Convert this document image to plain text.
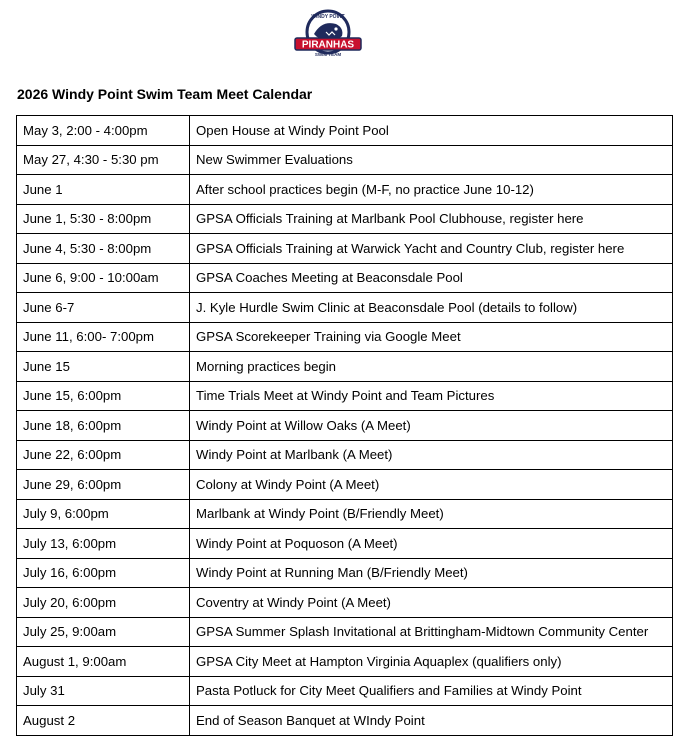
WINDY POINT
PIRANHAS
SWIM TEAM
2026 Windy Point Swim Team Meet Calendar
May 3, 2:00 - 4:00pm	Open House at Windy Point Pool
May 27, 4:30 - 5:30 pm	New Swimmer Evaluations
June 1	After school practices begin (M-F, no practice June 10-12)
June 1, 5:30 - 8:00pm	GPSA Officials Training at Marlbank Pool Clubhouse, register here
June 4, 5:30 - 8:00pm	GPSA Officials Training at Warwick Yacht and Country Club, register here
June 6, 9:00 - 10:00am	GPSA Coaches Meeting at Beaconsdale Pool
June 6-7	J. Kyle Hurdle Swim Clinic at Beaconsdale Pool (details to follow)
June 11, 6:00- 7:00pm	GPSA Scorekeeper Training via Google Meet
June 15	Morning practices begin
June 15, 6:00pm	Time Trials Meet at Windy Point and Team Pictures
June 18, 6:00pm	Windy Point at Willow Oaks (A Meet)
June 22, 6:00pm	Windy Point at Marlbank (A Meet)
June 29, 6:00pm	Colony at Windy Point (A Meet)
July 9, 6:00pm	Marlbank at Windy Point (B/Friendly Meet)
July 13, 6:00pm	Windy Point at Poquoson (A Meet)
July 16, 6:00pm	Windy Point at Running Man (B/Friendly Meet)
July 20, 6:00pm	Coventry at Windy Point (A Meet)
July 25, 9:00am	GPSA Summer Splash Invitational at Brittingham-Midtown Community Center
August 1, 9:00am	GPSA City Meet at Hampton Virginia Aquaplex (qualifiers only)
July 31	Pasta Potluck for City Meet Qualifiers and Families at Windy Point
August 2	End of Season Banquet at WIndy Point
